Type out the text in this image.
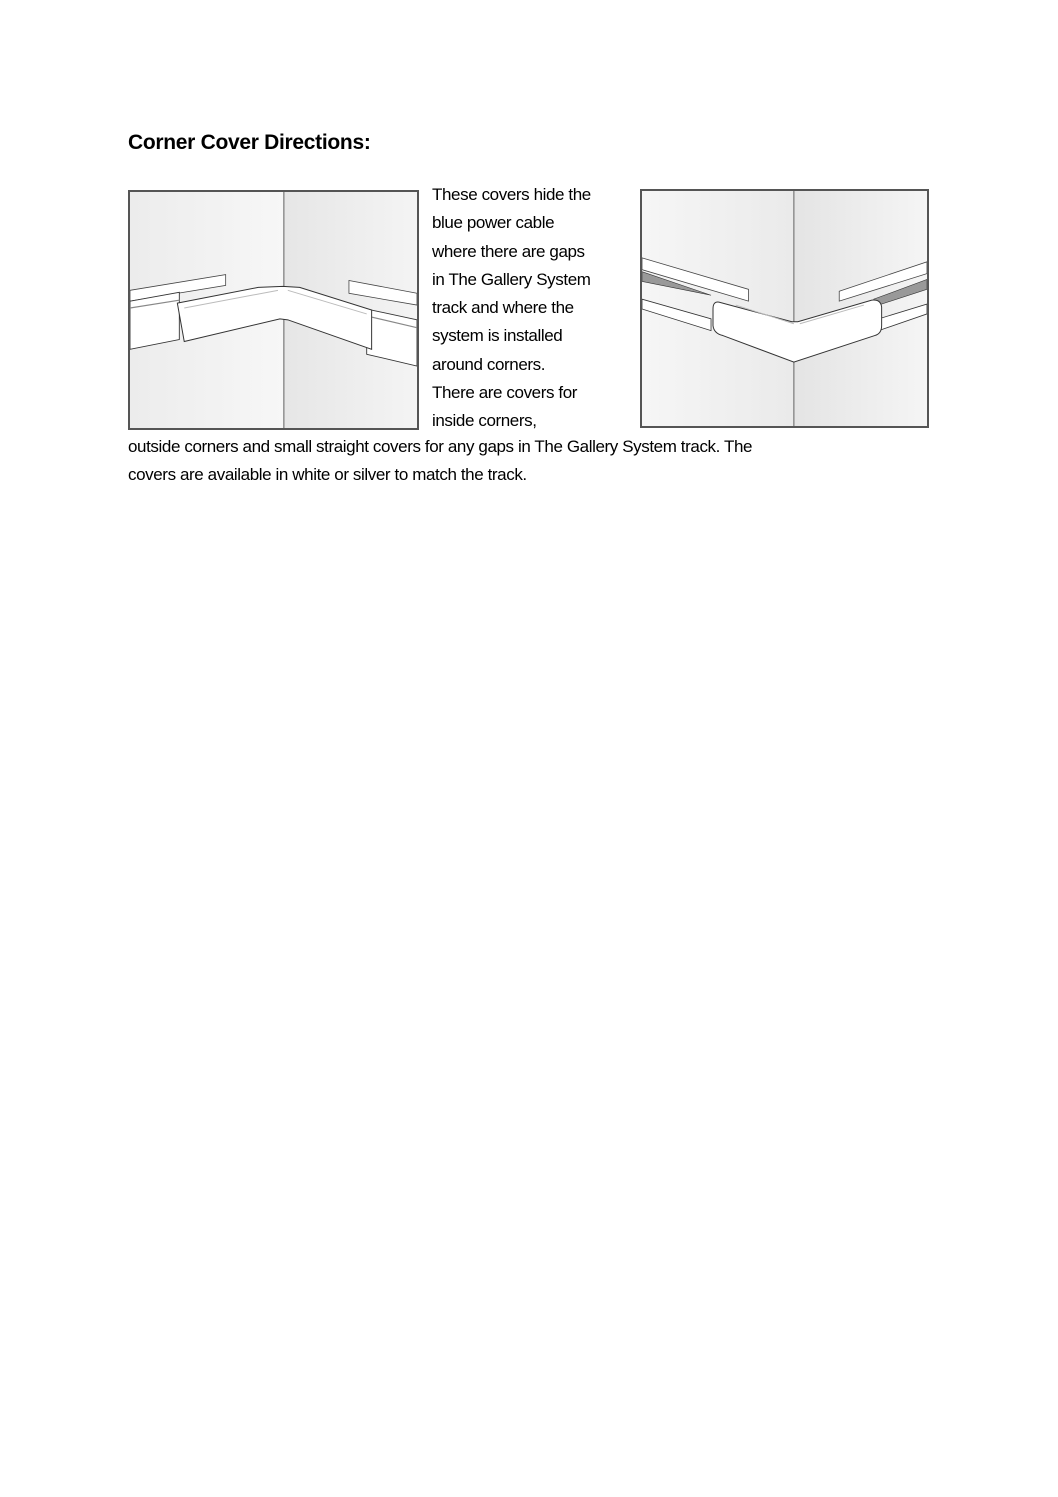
Corner Cover Directions:
These covers hide the
blue power cable
where there are gaps
in The Gallery System
track and where the
system is installed
around corners.
There are covers for
inside corners,
outside corners and small straight covers for any gaps in The Gallery System track. The
covers are available in white or silver to match the track.
